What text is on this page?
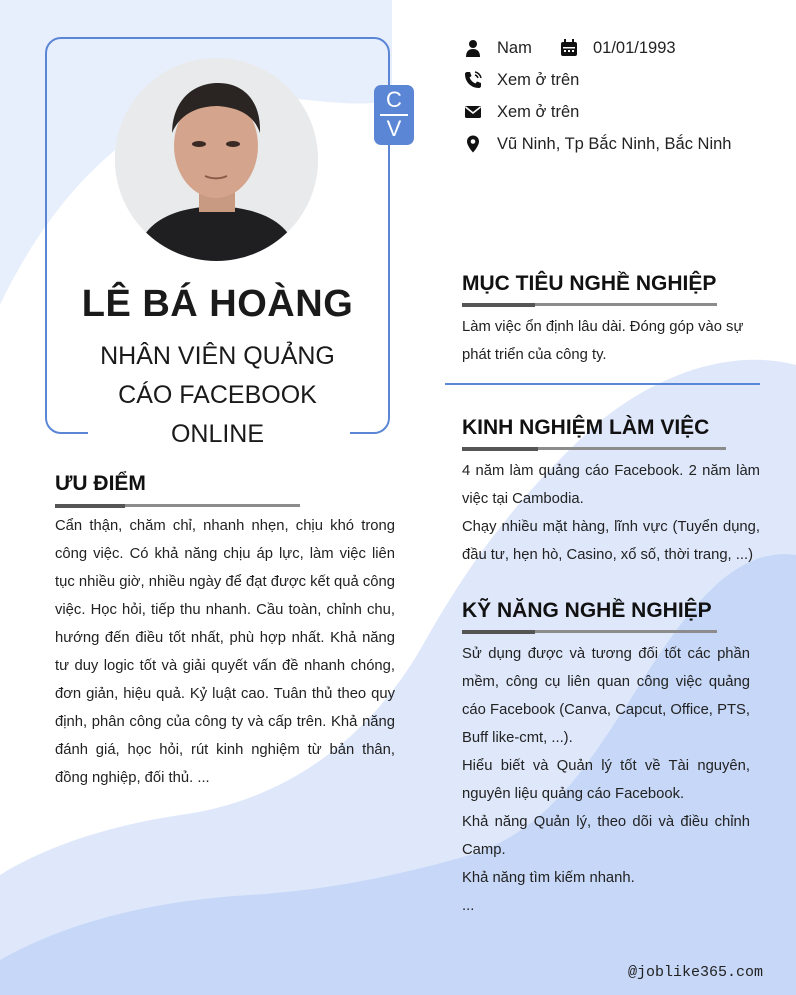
LÊ BÁ HOÀNG
NHÂN VIÊN QUẢNG CÁO FACEBOOK ONLINE
C
V
Nam	01/01/1993
Xem ở trên
Xem ở trên
Vũ Ninh, Tp Bắc Ninh, Bắc Ninh
ƯU ĐIỂM
Cẩn thận, chăm chỉ, nhanh nhẹn, chịu khó trong công việc. Có khả năng chịu áp lực, làm việc liên tục nhiều giờ, nhiều ngày để đạt được kết quả công việc. Học hỏi, tiếp thu nhanh. Cầu toàn, chỉnh chu, hướng đến điều tốt nhất, phù hợp nhất. Khả năng tư duy logic tốt và giải quyết vấn đề nhanh chóng, đơn giản, hiệu quả. Kỷ luật cao. Tuân thủ theo quy định, phân công của công ty và cấp trên. Khả năng đánh giá, học hỏi, rút kinh nghiệm từ bản thân, đồng nghiệp, đối thủ. ...
MỤC TIÊU NGHỀ NGHIỆP
Làm việc ổn định lâu dài. Đóng góp vào sự phát triển của công ty.
KINH NGHIỆM LÀM VIỆC

4 năm làm quảng cáo Facebook. 2 năm làm việc tại Cambodia.

Chạy nhiều mặt hàng, lĩnh vực (Tuyển dụng, đầu tư, hẹn hò, Casino, xổ số, thời trang, ...)

KỸ NĂNG NGHỀ NGHIỆP

Sử dụng được và tương đối tốt các phần mềm, công cụ liên quan công việc quảng cáo Facebook (Canva, Capcut, Office, PTS, Buff like-cmt, ...).

Hiểu biết và Quản lý tốt về Tài nguyên, nguyên liệu quảng cáo Facebook.

Khả năng Quản lý, theo dõi và điều chỉnh Camp.

Khả năng tìm kiếm nhanh.

...

@joblike365.com
